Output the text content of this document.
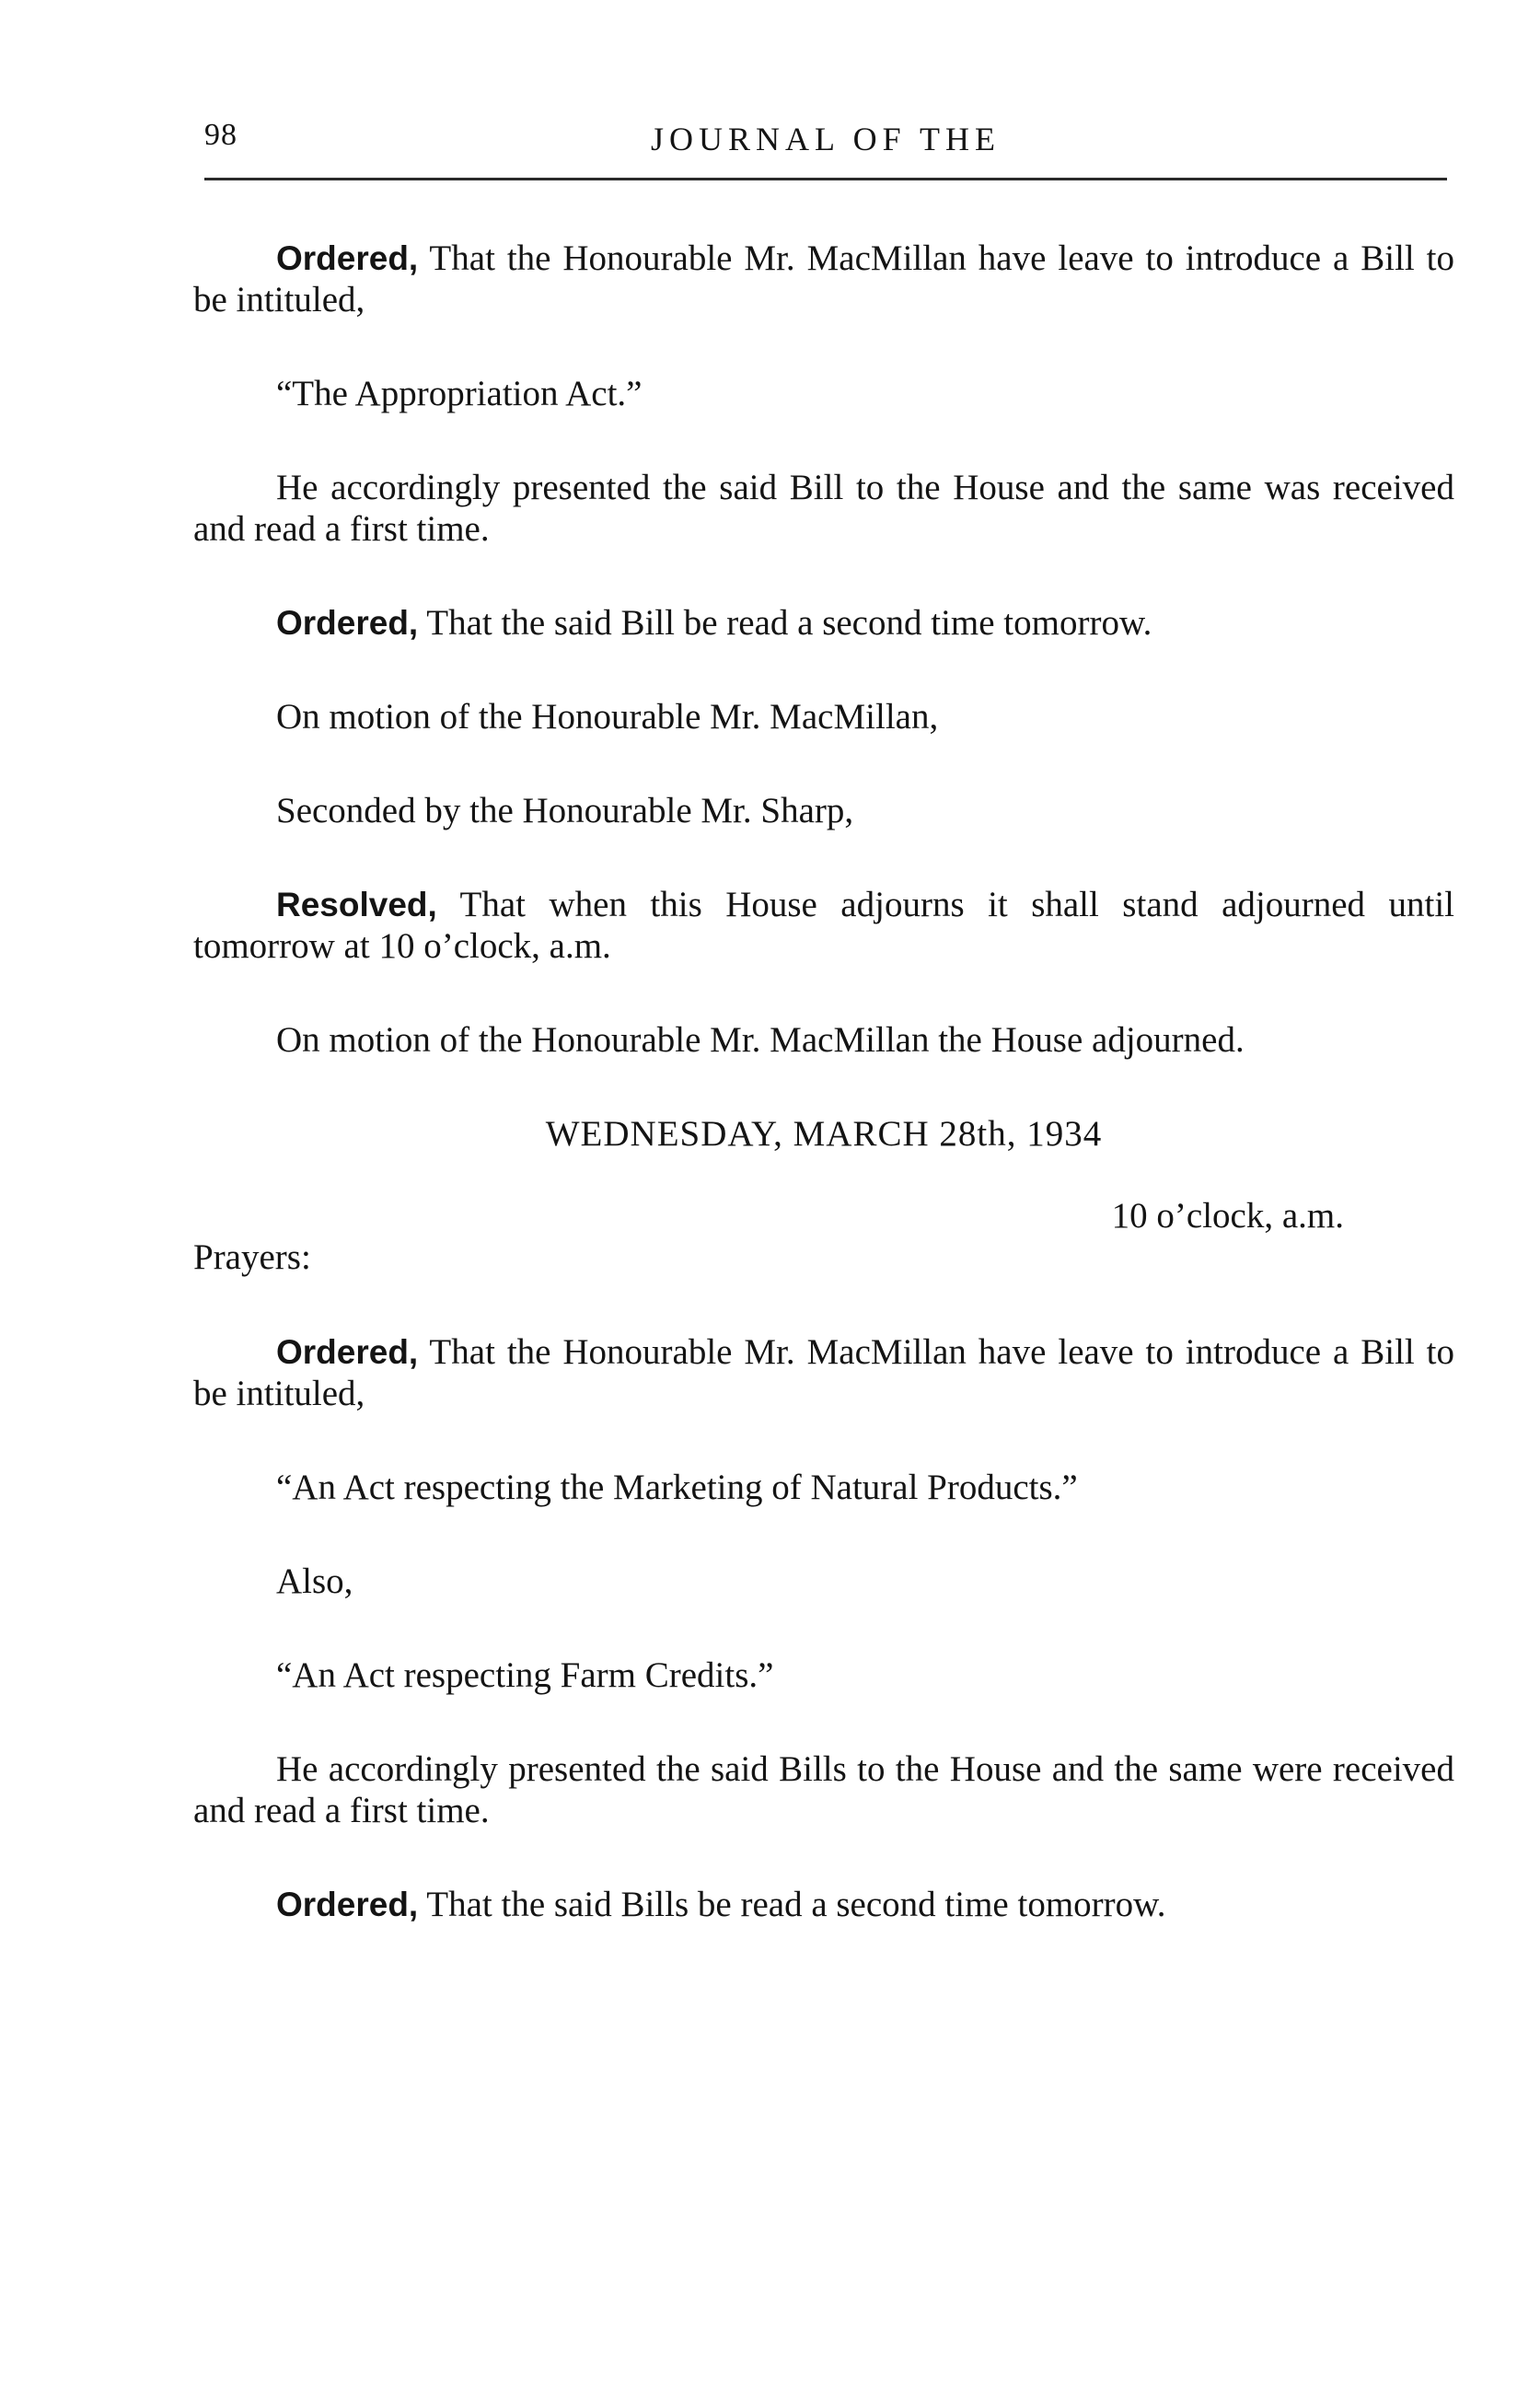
98	JOURNAL OF THE

Ordered, That the Honourable Mr. MacMillan have leave to introduce a Bill to be intituled,

“The Appropriation Act.”

He accordingly presented the said Bill to the House and the same was received and read a first time.

Ordered, That the said Bill be read a second time tomorrow.

On motion of the Honourable Mr. MacMillan,

Seconded by the Honourable Mr. Sharp,

Resolved, That when this House adjourns it shall stand adjourned until tomorrow at 10 o’clock, a.m.

On motion of the Honourable Mr. MacMillan the House adjourned.

WEDNESDAY, MARCH 28th, 1934

10 o’clock, a.m.

Prayers:

Ordered, That the Honourable Mr. MacMillan have leave to introduce a Bill to be intituled,

“An Act respecting the Marketing of Natural Products.”

Also,

“An Act respecting Farm Credits.”

He accordingly presented the said Bills to the House and the same were received and read a first time.

Ordered, That the said Bills be read a second time tomorrow.
